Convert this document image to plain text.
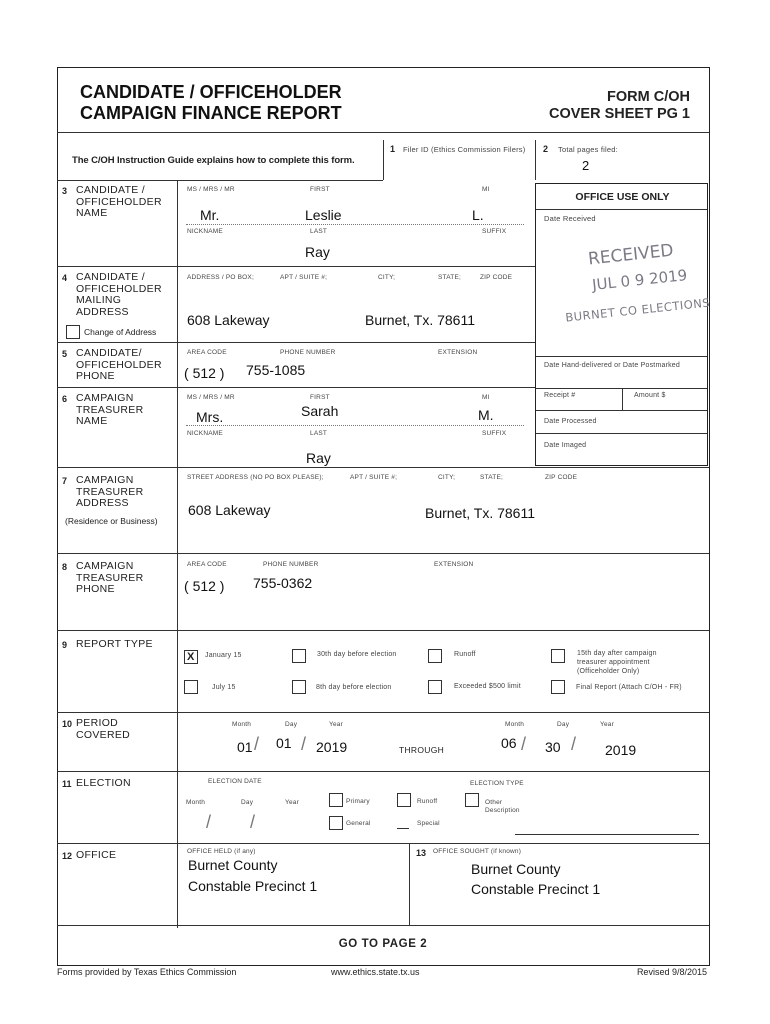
CANDIDATE / OFFICEHOLDER
CAMPAIGN FINANCE REPORT
FORM C/OH
COVER SHEET PG 1
The C/OH Instruction Guide explains how to complete this form.
1 Filer ID (Ethics Commission Filers) 2 Total pages filed:
2
OFFICE USE ONLY
Date Received
RECEIVED
JUL 0 9 2019
BURNET CO ELECTIONS
Date Hand-delivered or Date Postmarked
Receipt #	Amount $
Date Processed
Date Imaged
3 CANDIDATE /
OFFICEHOLDER
NAME
MS / MRS / MR	FIRST	MI
Mr.	Leslie	L.
NICKNAME	LAST	SUFFIX
Ray
4 CANDIDATE /
OFFICEHOLDER
MAILING
ADDRESS
Change of Address
ADDRESS / PO BOX;	APT / SUITE #;	CITY;	STATE;	ZIP CODE
608 Lakeway	Burnet, Tx. 78611
5 CANDIDATE/
OFFICEHOLDER
PHONE
AREA CODE	PHONE NUMBER	EXTENSION
( 512 ) 755-1085
6 CAMPAIGN
TREASURER
NAME
MS / MRS / MR	FIRST	MI
Mrs.	Sarah	M.
NICKNAME	LAST	SUFFIX
Ray
7 CAMPAIGN
TREASURER
ADDRESS
(Residence or Business)
STREET ADDRESS (NO PO BOX PLEASE);	APT / SUITE #;	CITY;	STATE;	ZIP CODE
608 Lakeway	Burnet, Tx. 78611
8 CAMPAIGN
TREASURER
PHONE
AREA CODE	PHONE NUMBER	EXTENSION
( 512 ) 755-0362
9 REPORT TYPE
X January 15	30th day before election	Runoff	15th day after campaign
treasurer appointment
(Officeholder Only)
July 15	8th day before election	Exceeded $500 limit	Final Report (Attach C/OH - FR)
10 PERIOD
COVERED
Month	Day	Year	Month	Day	Year
01 / 01 / 2019	THROUGH	06 / 30 / 2019
11 ELECTION	ELECTION DATE
Month	Day	Year
/ /
ELECTION TYPE
Primary	Runoff	Other
Description
General	Special
12 OFFICE	OFFICE HELD (if any)
Burnet County
Constable Precinct 1
13 OFFICE SOUGHT (if known)
Burnet County
Constable Precinct 1
GO TO PAGE 2
Forms provided by Texas Ethics Commission	www.ethics.state.tx.us	Revised 9/8/2015
